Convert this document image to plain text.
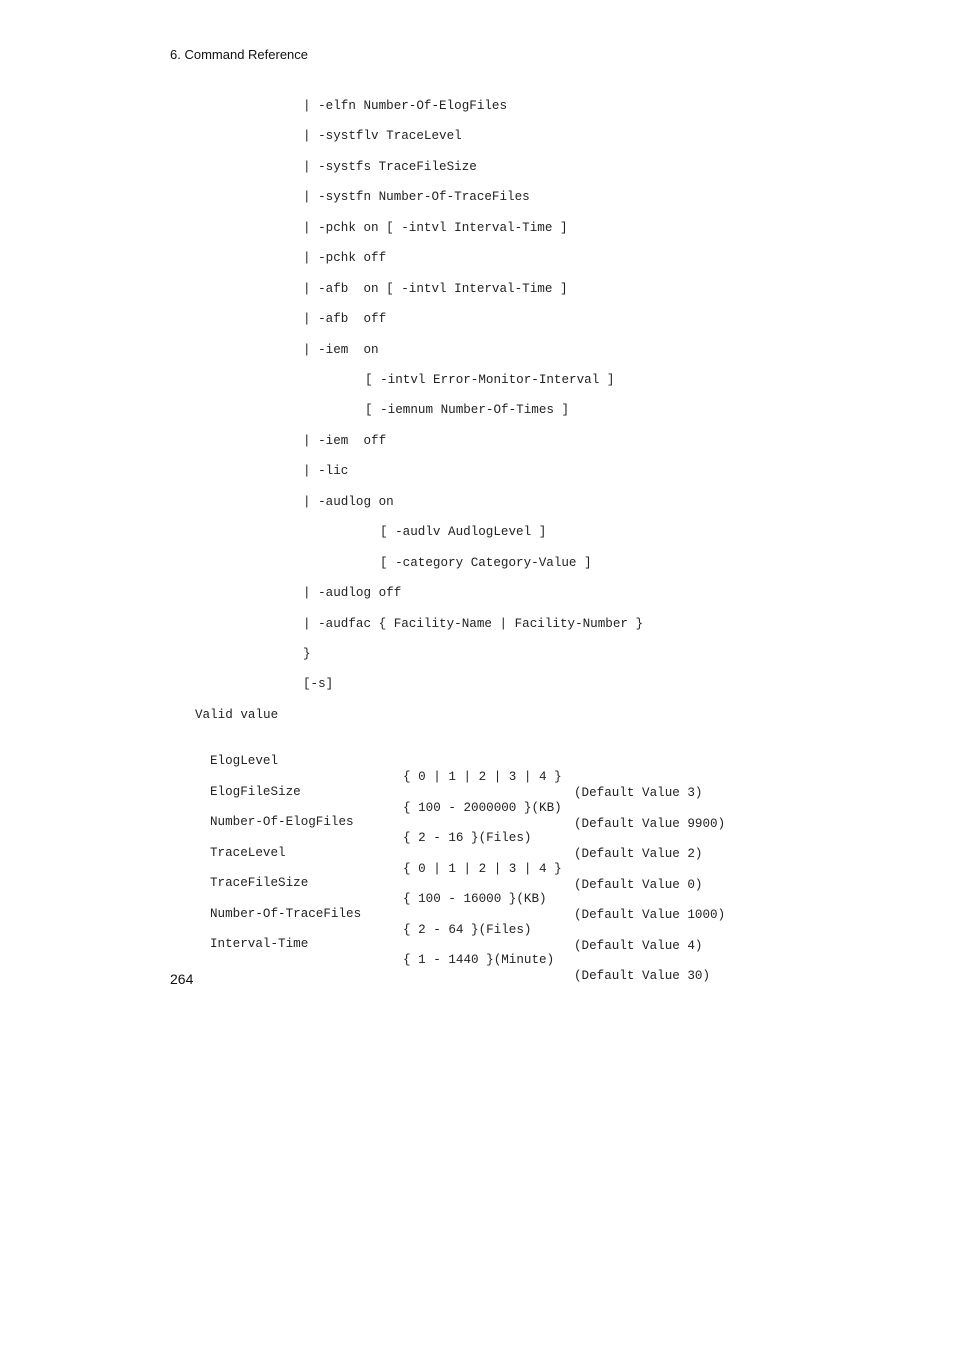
6. Command Reference
| -elfn Number-Of-ElogFiles
| -systflv TraceLevel
| -systfs TraceFileSize
| -systfn Number-Of-TraceFiles
| -pchk on [ -intvl Interval-Time ]
| -pchk off
| -afb  on [ -intvl Interval-Time ]
| -afb  off
| -iem  on
[ -intvl Error-Monitor-Interval ]
[ -iemnum Number-Of-Times ]
| -iem  off
| -lic
| -audlog on
[ -audlv AudlogLevel ]
[ -category Category-Value ]
| -audlog off
| -audfac { Facility-Name | Facility-Number }
}
[-s]
Valid value

ElogLevel

{ 0 | 1 | 2 | 3 | 4 }

(Default Value 3)

ElogFileSize

{ 100 - 2000000 }(KB)

(Default Value 9900)

Number-Of-ElogFiles

{ 2 - 16 }(Files)

(Default Value 2)

TraceLevel

{ 0 | 1 | 2 | 3 | 4 }

(Default Value 0)

TraceFileSize

{ 100 - 16000 }(KB)

(Default Value 1000)

Number-Of-TraceFiles

{ 2 - 64 }(Files)

(Default Value 4)

Interval-Time

{ 1 - 1440 }(Minute)

(Default Value 30)

264
